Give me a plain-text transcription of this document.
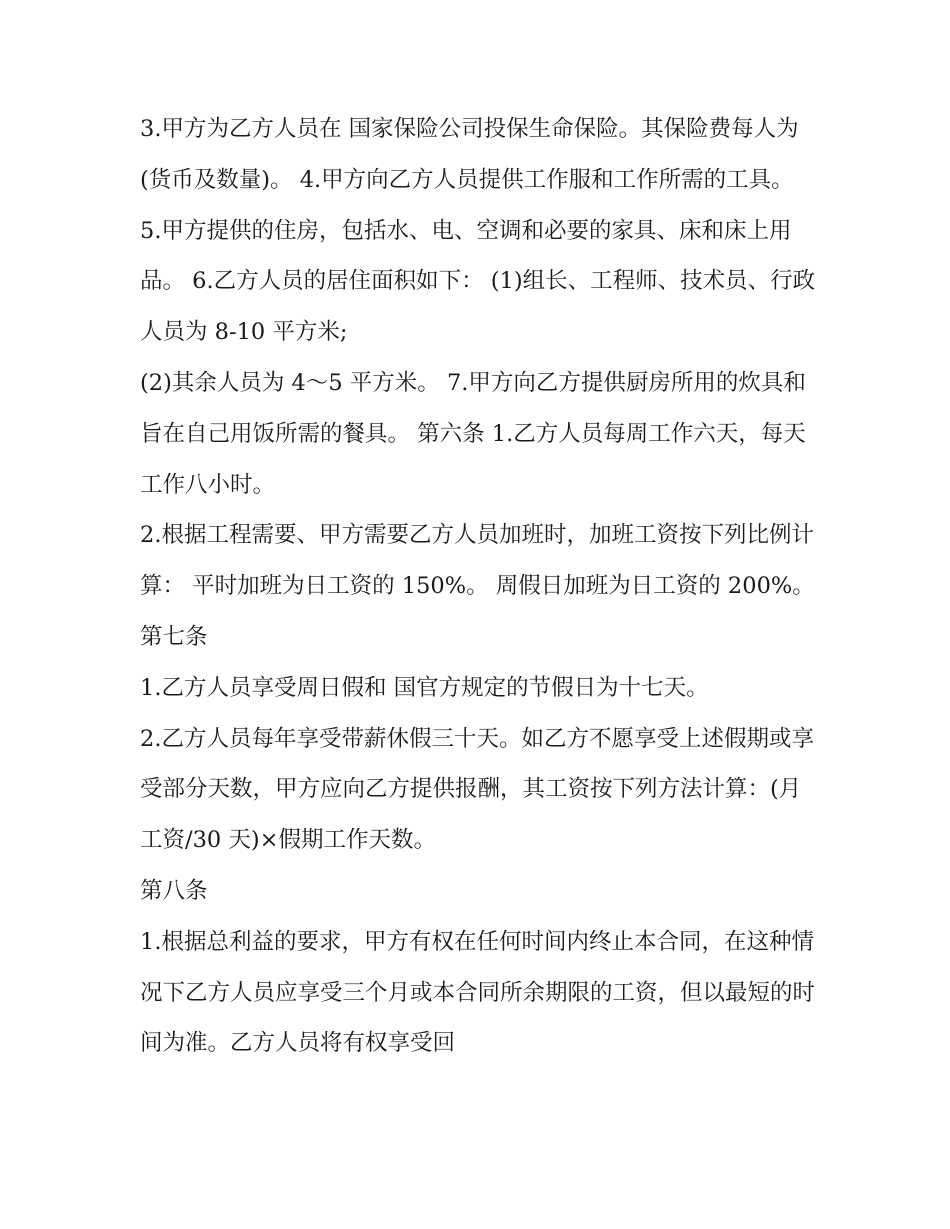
3.甲方为乙方人员在 国家保险公司投保生命保险。其保险费每人为(货币及数量)。 4.甲方向乙方人员提供工作服和工作所需的工具。

5.甲方提供的住房，包括水、电、空调和必要的家具、床和床上用品。 6.乙方人员的居住面积如下： (1)组长、工程师、技术员、行政人员为 8-10 平方米;

(2)其余人员为 4～5 平方米。 7.甲方向乙方提供厨房所用的炊具和旨在自己用饭所需的餐具。 第六条 1.乙方人员每周工作六天，每天工作八小时。

2.根据工程需要、甲方需要乙方人员加班时，加班工资按下列比例计算： 平时加班为日工资的 150%。 周假日加班为日工资的 200%。 第七条

1.乙方人员享受周日假和 国官方规定的节假日为十七天。

2.乙方人员每年享受带薪休假三十天。如乙方不愿享受上述假期或享受部分天数，甲方应向乙方提供报酬，其工资按下列方法计算：(月工资/30 天)×假期工作天数。

第八条

1.根据总利益的要求，甲方有权在任何时间内终止本合同，在这种情况下乙方人员应享受三个月或本合同所余期限的工资，但以最短的时间为准。乙方人员将有权享受回
